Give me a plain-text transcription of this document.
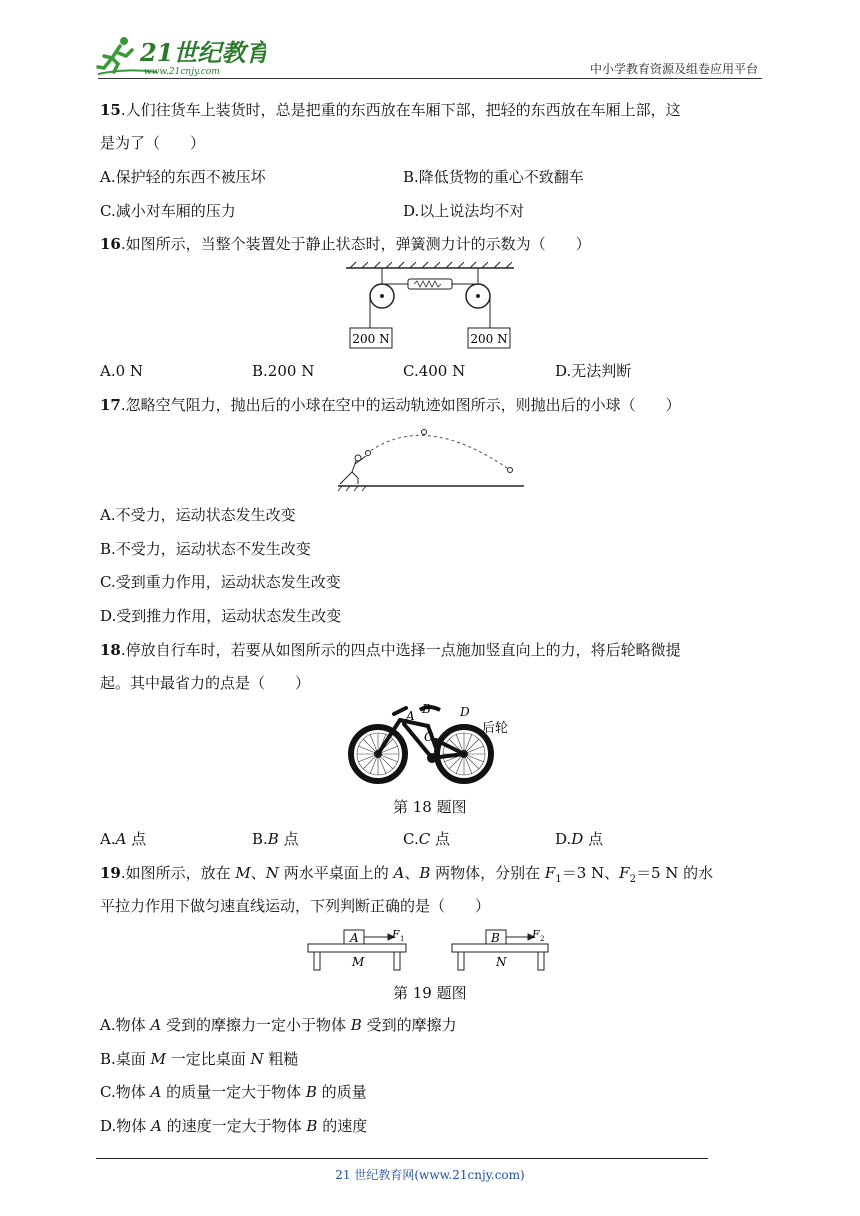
21世纪教育
www.21cnjy.com	中小学教育资源及组卷应用平台
15.人们往货车上装货时，总是把重的东西放在车厢下部，把轻的东西放在车厢上部，这
是为了（　　）
A.保护轻的东西不被压坏	B.降低货物的重心不致翻车
C.减小对车厢的压力	D.以上说法均不对
16.如图所示，当整个装置处于静止状态时，弹簧测力计的示数为（　　）
200 N	200 N
A.0 N	B.200 N	C.400 N	D.无法判断
17.忽略空气阻力，抛出后的小球在空中的运动轨迹如图所示，则抛出后的小球（　　）
A.不受力，运动状态发生改变
B.不受力，运动状态不发生改变
C.受到重力作用，运动状态发生改变
D.受到推力作用，运动状态发生改变
18.停放自行车时，若要从如图所示的四点中选择一点施加竖直向上的力，将后轮略微提
起。其中最省力的点是（　　）
A B
C
D
后轮
第 18 题图
A.A 点	B.B 点	C.C 点	D.D 点
19.如图所示，放在 M、N 两水平桌面上的 A、B 两物体，分别在 $F_1=3$ N、$F_2=5$ N 的水
平拉力作用下做匀速直线运动，下列判断正确的是（　　）
A	F 1
M
B	F 2
N
第 19 题图
A.物体 A 受到的摩擦力一定小于物体 B 受到的摩擦力
B.桌面 M 一定比桌面 N 粗糙
C.物体 A 的质量一定大于物体 B 的质量
D.物体 A 的速度一定大于物体 B 的速度
21 世纪教育网(www.21cnjy.com)
